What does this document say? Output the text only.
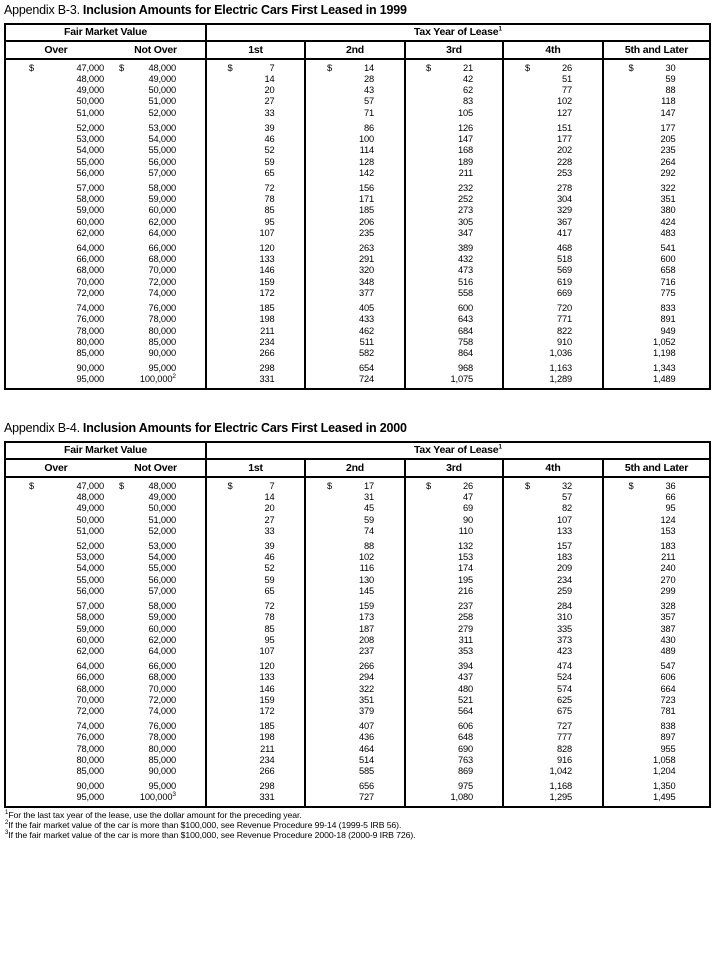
Appendix B-3. Inclusion Amounts for Electric Cars First Leased in 1999
Fair Market Value	Tax Year of Lease$^1$
Over	Not Over	1st	2nd	3rd	4th	5th and Later
$	47,000 $	48,000	$	7	$	14	$	21	$	26	$	30
48,000	49,000	14	28	42	51	59
49,000	50,000	20	43	62	77	88
50,000	51,000	27	57	83	102	118
51,000	52,000	33	71	105	127	147
52,000	53,000	39	86	126	151	177
53,000	54,000	46	100	147	177	205
54,000	55,000	52	114	168	202	235
55,000	56,000	59	128	189	228	264
56,000	57,000	65	142	211	253	292
57,000	58,000	72	156	232	278	322
58,000	59,000	78	171	252	304	351
59,000	60,000	85	185	273	329	380
60,000	62,000	95	206	305	367	424
62,000	64,000	107	235	347	417	483
64,000	66,000	120	263	389	468	541
66,000	68,000	133	291	432	518	600
68,000	70,000	146	320	473	569	658
70,000	72,000	159	348	516	619	716
72,000	74,000	172	377	558	669	775
74,000	76,000	185	405	600	720	833
76,000	78,000	198	433	643	771	891
78,000	80,000	211	462	684	822	949
80,000	85,000	234	511	758	910	1,052
85,000	90,000	266	582	864	1,036	1,198
90,000	95,000	298	654	968	1,163	1,343
95,000	100,000$^2$	331	724	1,075	1,289	1,489
Appendix B-4. Inclusion Amounts for Electric Cars First Leased in 2000
Fair Market Value	Tax Year of Lease$^1$
Over	Not Over	1st	2nd	3rd	4th	5th and Later
$	47,000 $	48,000	$	7	$	17	$	26	$	32	$	36
48,000	49,000	14	31	47	57	66
49,000	50,000	20	45	69	82	95
50,000	51,000	27	59	90	107	124
51,000	52,000	33	74	110	133	153
52,000	53,000	39	88	132	157	183
53,000	54,000	46	102	153	183	211
54,000	55,000	52	116	174	209	240
55,000	56,000	59	130	195	234	270
56,000	57,000	65	145	216	259	299
57,000	58,000	72	159	237	284	328
58,000	59,000	78	173	258	310	357
59,000	60,000	85	187	279	335	387
60,000	62,000	95	208	311	373	430
62,000	64,000	107	237	353	423	489
64,000	66,000	120	266	394	474	547
66,000	68,000	133	294	437	524	606
68,000	70,000	146	322	480	574	664
70,000	72,000	159	351	521	625	723
72,000	74,000	172	379	564	675	781
74,000	76,000	185	407	606	727	838
76,000	78,000	198	436	648	777	897
78,000	80,000	211	464	690	828	955
80,000	85,000	234	514	763	916	1,058
85,000	90,000	266	585	869	1,042	1,204
90,000	95,000	298	656	975	1,168	1,350
95,000	100,000$^3$	331	727	1,080	1,295	1,495
$^1$For the last tax year of the lease, use the dollar amount for the preceding year.
$^2$If the fair market value of the car is more than $100,000, see Revenue Procedure 99-14 (1999-5 IRB 56).
$^3$If the fair market value of the car is more than $100,000, see Revenue Procedure 2000-18 (2000-9 IRB 726).
